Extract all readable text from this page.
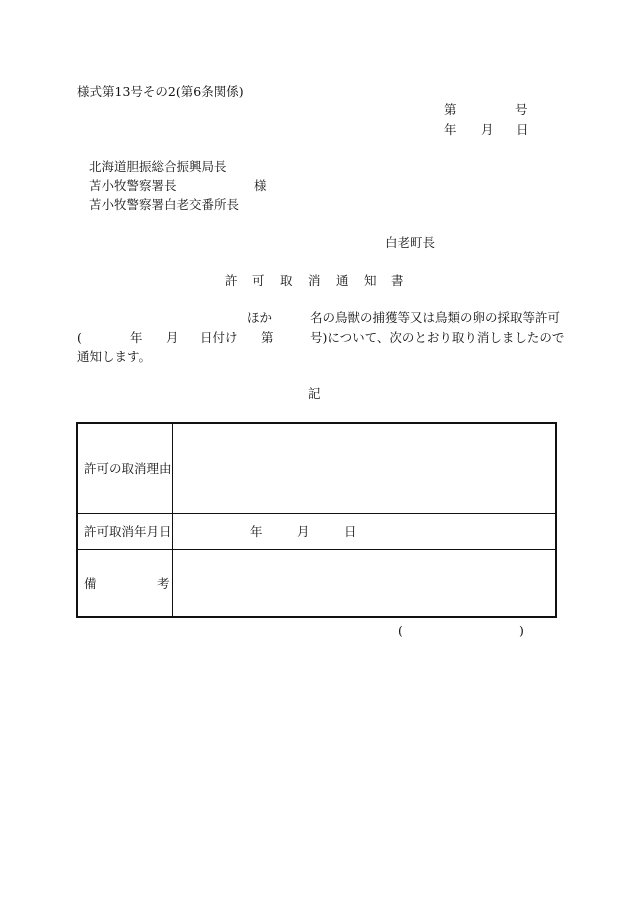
様式第13号その2(第6条関係)
第	号
年 月 日
北海道胆振総合振興局長
苫小牧警察署長	様
苫小牧警察署白老交番所長
白老町長
許 可 取 消 通 知 書
ほか	名の鳥獣の捕獲等又は鳥類の卵の採取等許可
(	年 月 日付け 第	号)について、次のとおり取り消しましたので
通知します。
記
許可の取消理由	
許可取消年月日	年 月 日

備 考	

(	)
